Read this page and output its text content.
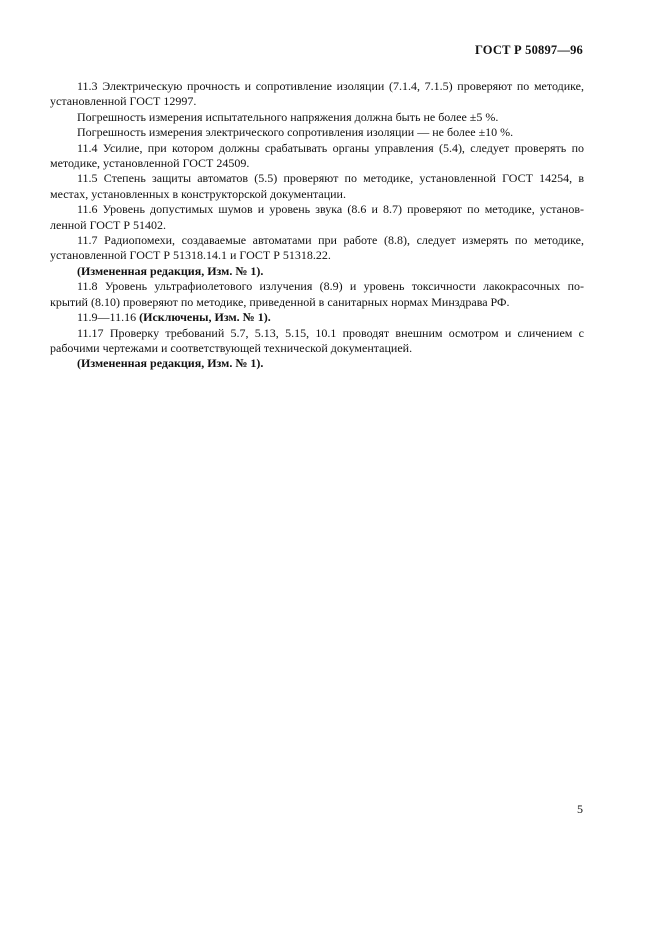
ГОСТ Р 50897—96
11.3 Электрическую прочность и сопротивление изоляции (7.1.4, 7.1.5) проверяют по методике,
установленной ГОСТ 12997.
Погрешность измерения испытательного напряжения должна быть не более ±5 %.
Погрешность измерения электрического сопротивления изоляции — не более ±10 %.
11.4 Усилие, при котором должны срабатывать органы управления (5.4), следует проверять по
методике, установленной ГОСТ 24509.
11.5 Степень защиты автоматов (5.5) проверяют по методике, установленной ГОСТ 14254, в
местах, установленных в конструкторской документации.
11.6 Уровень допустимых шумов и уровень звука (8.6 и 8.7) проверяют по методике, установ-
ленной ГОСТ Р 51402.
11.7 Радиопомехи, создаваемые автоматами при работе (8.8), следует измерять по методике,
установленной ГОСТ Р 51318.14.1 и ГОСТ Р 51318.22.
(Измененная редакция, Изм. № 1).
11.8 Уровень ультрафиолетового излучения (8.9) и уровень токсичности лакокрасочных по-
крытий (8.10) проверяют по методике, приведенной в санитарных нормах Минздрава РФ.
11.9—11.16 (Исключены, Изм. № 1).
11.17 Проверку требований 5.7, 5.13, 5.15, 10.1 проводят внешним осмотром и сличением с
рабочими чертежами и соответствующей технической документацией.
(Измененная редакция, Изм. № 1).
5
